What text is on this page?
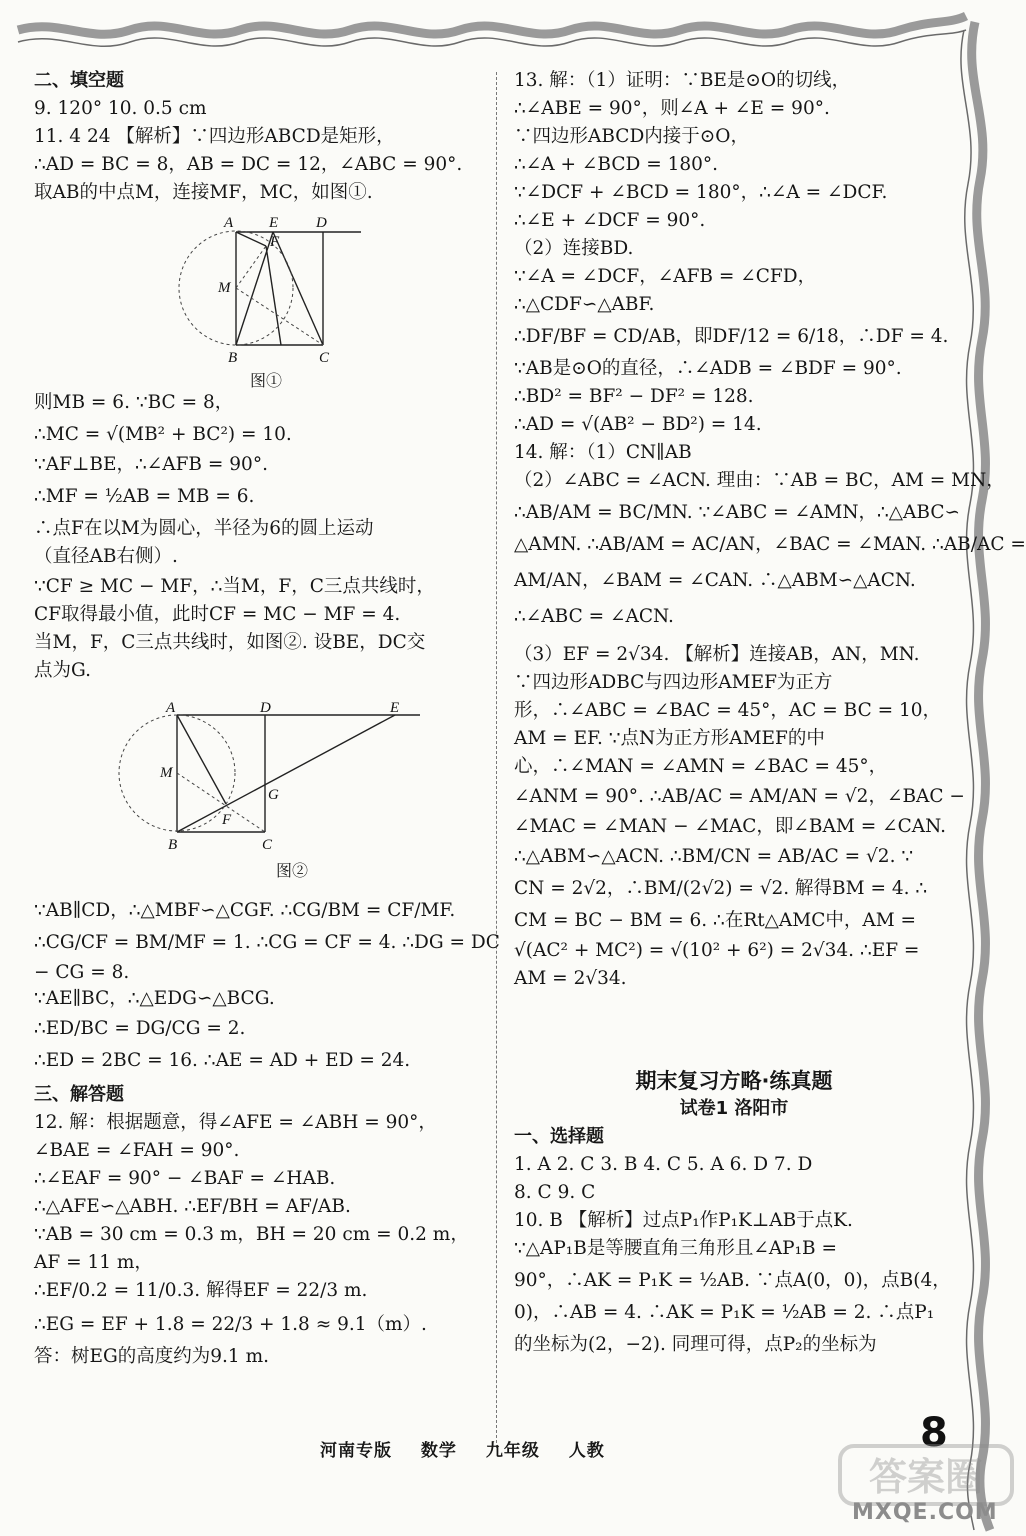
二、填空题
9. 120° 10. 0.5 cm
11. 4 24 【解析】∵四边形ABCD是矩形，
∴AD = BC = 8，AB = DC = 12，∠ABC = 90°.
取AB的中点M，连接MF，MC，如图①.
则MB = 6. ∵BC = 8，
∴MC = √(MB² + BC²) = 10.
∵AF⊥BE，∴∠AFB = 90°.
∴MF = ½AB = MB = 6.
∴点F在以M为圆心，半径为6的圆上运动
（直径AB右侧）.
∵CF ≥ MC − MF，∴当M，F，C三点共线时，
CF取得最小值，此时CF = MC − MF = 4.
当M，F，C三点共线时，如图②. 设BE，DC交
点为G.
∵AB∥CD，∴△MBF∽△CGF. ∴CG/BM = CF/MF.
∴CG/CF = BM/MF = 1. ∴CG = CF = 4. ∴DG = DC
− CG = 8.
∵AE∥BC，∴△EDG∽△BCG.
∴ED/BC = DG/CG = 2.
∴ED = 2BC = 16. ∴AE = AD + ED = 24.
三、解答题
12. 解：根据题意，得∠AFE = ∠ABH = 90°，
∠BAE = ∠FAH = 90°.
∴∠EAF = 90° − ∠BAF = ∠HAB.
∴△AFE∽△ABH. ∴EF/BH = AF/AB.
∵AB = 30 cm = 0.3 m，BH = 20 cm = 0.2 m，
AF = 11 m，
∴EF/0.2 = 11/0.3. 解得EF = 22/3 m.
∴EG = EF + 1.8 = 22/3 + 1.8 ≈ 9.1（m）.
答：树EG的高度约为9.1 m.
13. 解：（1）证明：∵BE是⊙O的切线，
∴∠ABE = 90°，则∠A + ∠E = 90°.
∵四边形ABCD内接于⊙O，
∴∠A + ∠BCD = 180°.
∵∠DCF + ∠BCD = 180°，∴∠A = ∠DCF.
∴∠E + ∠DCF = 90°.
（2）连接BD.
∵∠A = ∠DCF，∠AFB = ∠CFD，
∴△CDF∽△ABF.
∴DF/BF = CD/AB，即DF/12 = 6/18，∴DF = 4.
∵AB是⊙O的直径，∴∠ADB = ∠BDF = 90°.
∴BD² = BF² − DF² = 128.
∴AD = √(AB² − BD²) = 14.
14. 解：（1）CN∥AB
（2）∠ABC = ∠ACN. 理由：∵AB = BC，AM = MN，
∴AB/AM = BC/MN. ∵∠ABC = ∠AMN，∴△ABC∽
△AMN. ∴AB/AM = AC/AN，∠BAC = ∠MAN. ∴AB/AC =
AM/AN，∠BAM = ∠CAN. ∴△ABM∽△ACN.
∴∠ABC = ∠ACN.
（3）EF = 2√34. 【解析】连接AB，AN，MN.
∵四边形ADBC与四边形AMEF为正方
形，∴∠ABC = ∠BAC = 45°，AC = BC = 10，
AM = EF. ∵点N为正方形AMEF的中
心，∴∠MAN = ∠AMN = ∠BAC = 45°，
∠ANM = 90°. ∴AB/AC = AM/AN = √2，∠BAC −
∠MAC = ∠MAN − ∠MAC，即∠BAM = ∠CAN.
∴△ABM∽△ACN. ∴BM/CN = AB/AC = √2. ∵
CN = 2√2，∴BM/(2√2) = √2. 解得BM = 4. ∴
CM = BC − BM = 6. ∴在Rt△AMC中，AM =
√(AC² + MC²) = √(10² + 6²) = 2√34. ∴EF =
AM = 2√34.
期末复习方略·练真题
试卷1 洛阳市
一、选择题
1. A 2. C 3. B 4. C 5. A 6. D 7. D
8. C 9. C
10. B 【解析】过点P₁作P₁K⊥AB于点K.
∵△AP₁B是等腰直角三角形且∠AP₁B =
90°，∴AK = P₁K = ½AB. ∵点A(0，0)，点B(4，
0)，∴AB = 4. ∴AK = P₁K = ½AB = 2. ∴点P₁
的坐标为(2，−2). 同理可得，点P₂的坐标为
A E	D
F
M
B	C
图①
A	D	E
M
G
F
B	C
图②
河南专版 数学 九年级 人教	8
答案圈
MXQE.COM
